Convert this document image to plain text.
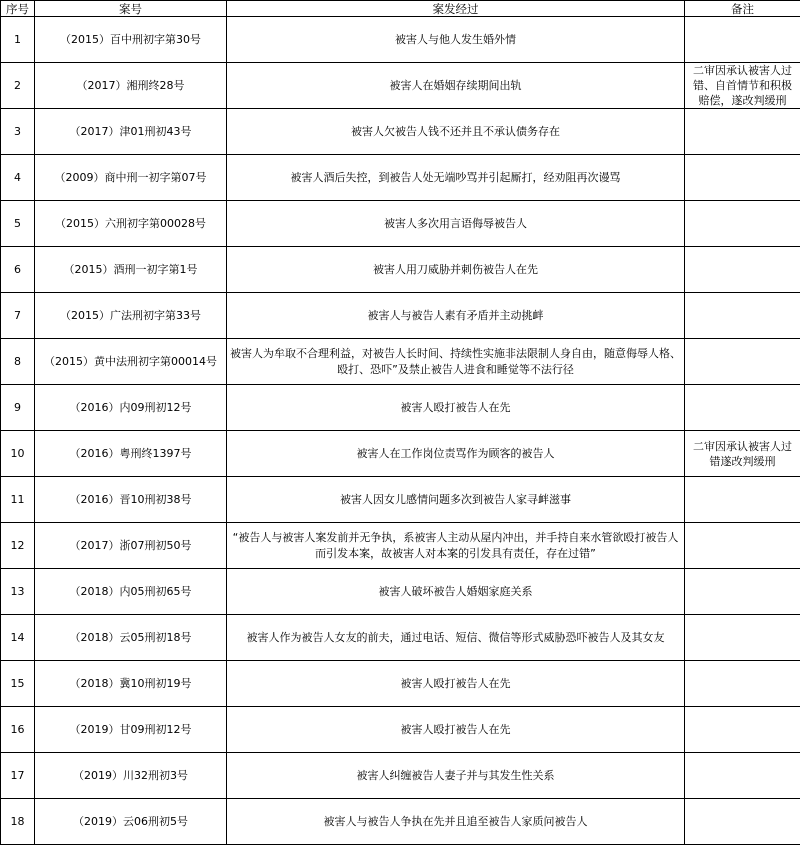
序号	案号	案发经过	备注
1	（2015）百中刑初字第30号	被害人与他人发生婚外情	
2	（2017）湘刑终28号	被害人在婚姻存续期间出轨	二审因承认被害人过错、自首情节和积极赔偿，遂改判缓刑
3	（2017）津01刑初43号	被害人欠被告人钱不还并且不承认债务存在	
4	（2009）商中刑一初字第07号	被害人酒后失控，到被告人处无端吵骂并引起厮打，经劝阻再次谩骂	
5	（2015）六刑初字第00028号	被害人多次用言语侮辱被告人	
6	（2015）酒刑一初字第1号	被害人用刀威胁并刺伤被告人在先	
7	（2015）广法刑初字第33号	被害人与被告人素有矛盾并主动挑衅	
8	（2015）黄中法刑初字第00014号	被害人为牟取不合理利益，对被告人长时间、持续性实施非法限制人身自由，随意侮辱人格、殴打、恐吓”及禁止被告人进食和睡觉等不法行径	
9	（2016）内09刑初12号	被害人殴打被告人在先	
10	（2016）粤刑终1397号	被害人在工作岗位责骂作为顾客的被告人	二审因承认被害人过错遂改判缓刑
11	（2016）晋10刑初38号	被害人因女儿感情问题多次到被告人家寻衅滋事	
12	（2017）浙07刑初50号	“被告人与被害人案发前并无争执，系被害人主动从屋内冲出，并手持自来水管欲殴打被告人而引发本案，故被害人对本案的引发具有责任，存在过错”	
13	（2018）内05刑初65号	被害人破坏被告人婚姻家庭关系	
14	（2018）云05刑初18号	被害人作为被告人女友的前夫，通过电话、短信、微信等形式威胁恐吓被告人及其女友	
15	（2018）冀10刑初19号	被害人殴打被告人在先	
16	（2019）甘09刑初12号	被害人殴打被告人在先	
17	（2019）川32刑初3号	被害人纠缠被告人妻子并与其发生性关系	
18	（2019）云06刑初5号	被害人与被告人争执在先并且追至被告人家质问被告人	
